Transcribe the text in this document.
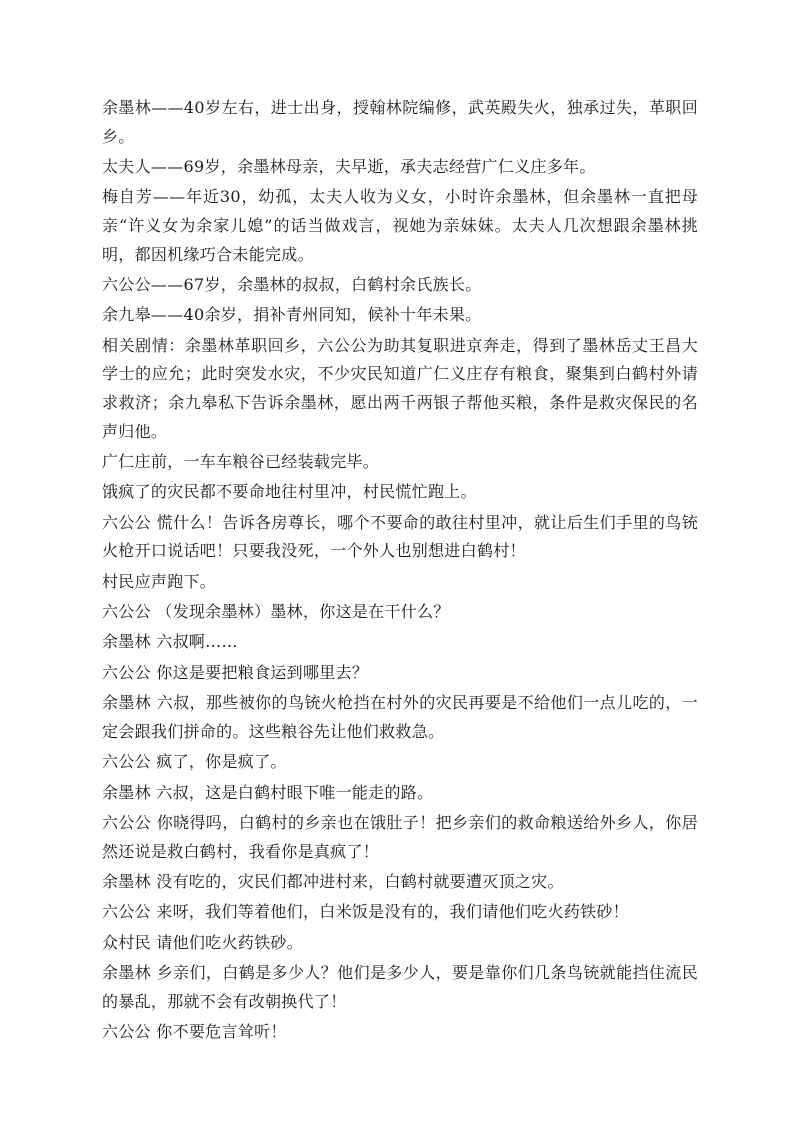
余墨林——40岁左右，进士出身，授翰林院编修，武英殿失火，独承过失，革职回乡。

太夫人——69岁，余墨林母亲，夫早逝，承夫志经营广仁义庄多年。

梅自芳——年近30，幼孤，太夫人收为义女，小时许余墨林，但余墨林一直把母亲“许义女为余家儿媳”的话当做戏言，视她为亲妹妹。太夫人几次想跟余墨林挑明，都因机缘巧合未能完成。

六公公——67岁，余墨林的叔叔，白鹤村余氏族长。

余九皋——40余岁，捐补青州同知，候补十年未果。

相关剧情：余墨林革职回乡，六公公为助其复职进京奔走，得到了墨林岳丈王昌大学士的应允；此时突发水灾，不少灾民知道广仁义庄存有粮食，聚集到白鹤村外请求救济；余九皋私下告诉余墨林，愿出两千两银子帮他买粮，条件是救灾保民的名声归他。

广仁庄前，一车车粮谷已经装载完毕。

饿疯了的灾民都不要命地往村里冲，村民慌忙跑上。

六公公 慌什么！告诉各房尊长，哪个不要命的敢往村里冲，就让后生们手里的鸟铳火枪开口说话吧！只要我没死，一个外人也别想进白鹤村！

村民应声跑下。

六公公 （发现余墨林）墨林，你这是在干什么？

余墨林 六叔啊……

六公公 你这是要把粮食运到哪里去？

余墨林 六叔，那些被你的鸟铳火枪挡在村外的灾民再要是不给他们一点儿吃的，一定会跟我们拼命的。这些粮谷先让他们救救急。

六公公 疯了，你是疯了。

余墨林 六叔，这是白鹤村眼下唯一能走的路。

六公公 你晓得吗，白鹤村的乡亲也在饿肚子！把乡亲们的救命粮送给外乡人，你居然还说是救白鹤村，我看你是真疯了！

余墨林 没有吃的，灾民们都冲进村来，白鹤村就要遭灭顶之灾。

六公公 来呀，我们等着他们，白米饭是没有的，我们请他们吃火药铁砂！

众村民 请他们吃火药铁砂。

余墨林 乡亲们，白鹤是多少人？他们是多少人，要是靠你们几条鸟铳就能挡住流民的暴乱，那就不会有改朝换代了！

六公公 你不要危言耸听！
